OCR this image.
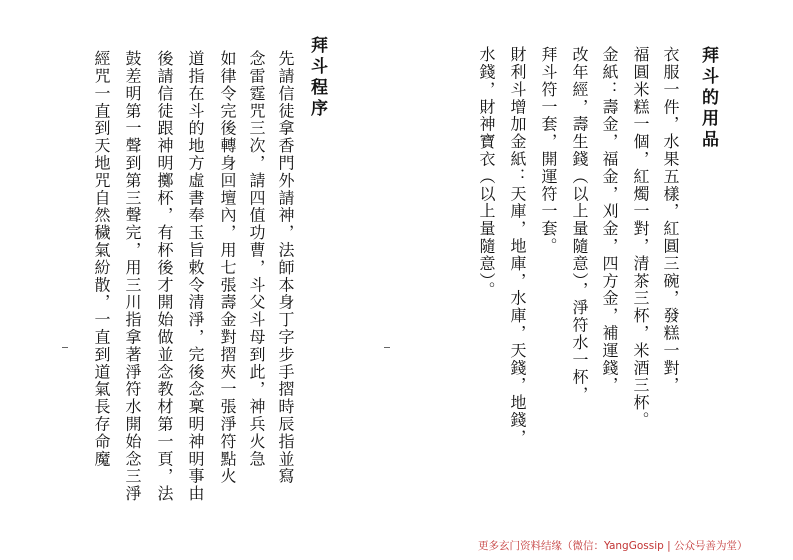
拜斗的用品
衣服一件，水果五樣，紅圓三碗，發糕一對，
福圓米糕一個，紅燭一對，清茶三杯，米酒三杯。
金紙：壽金，福金，刈金，四方金，補運錢，
改年經，壽生錢（以上量隨意），淨符水一杯，
拜斗符一套，開運符一套。
財利斗增加金紙：天庫，地庫，水庫，天錢，地錢，
水錢，財神寶衣（以上量隨意）。
拜斗程序
先請信徒拿香門外請神，法師本身丁字步手摺時辰指並寫
念雷霆咒三次，請四值功曹，斗父斗母到此，神兵火急
如律令完後轉身回壇內，用七張壽金對摺夾一張淨符點火
道指在斗的地方虛書奉玉旨敕令清淨，完後念稟明神明事由
後請信徒跟神明擲杯，有杯後才開始做並念教材第一頁，法
鼓差明第一聲到第三聲完，用三川指拿著淨符水開始念三淨
經咒一直到天地咒自然穢氣紛散，一直到道氣長存命魔
更多玄门资料结缘（微信：YangGossip | 公众号善为堂）
